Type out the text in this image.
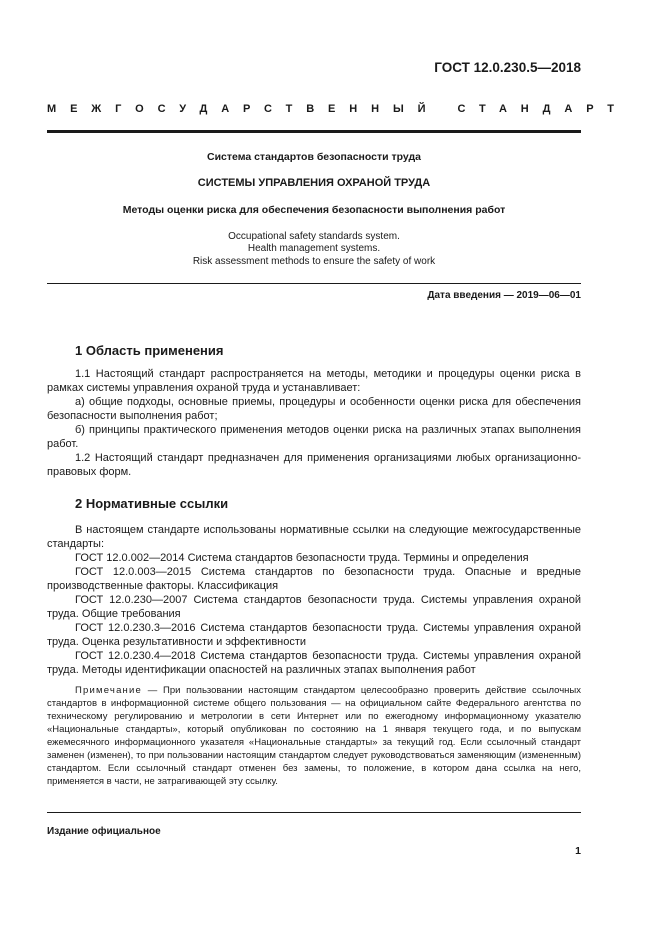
ГОСТ 12.0.230.5—2018
МЕЖГОСУДАРСТВЕННЫЙ СТАНДАРТ
Система стандартов безопасности труда
СИСТЕМЫ УПРАВЛЕНИЯ ОХРАНОЙ ТРУДА
Методы оценки риска для обеспечения безопасности выполнения работ
Occupational safety standards system.
Health management systems.
Risk assessment methods to ensure the safety of work
Дата введения — 2019—06—01
1 Область применения

1.1 Настоящий стандарт распространяется на методы, методики и процедуры оценки риска в рамках системы управления охраной труда и устанавливает:

а) общие подходы, основные приемы, процедуры и особенности оценки риска для обеспечения безопасности выполнения работ;

б) принципы практического применения методов оценки риска на различных этапах выполнения работ.

1.2 Настоящий стандарт предназначен для применения организациями любых организационно-правовых форм.

2 Нормативные ссылки

В настоящем стандарте использованы нормативные ссылки на следующие межгосударственные стандарты:

ГОСТ 12.0.002—2014 Система стандартов безопасности труда. Термины и определения

ГОСТ 12.0.003—2015 Система стандартов по безопасности труда. Опасные и вредные производственные факторы. Классификация

ГОСТ 12.0.230—2007 Система стандартов безопасности труда. Системы управления охраной труда. Общие требования

ГОСТ 12.0.230.3—2016 Система стандартов безопасности труда. Системы управления охраной труда. Оценка результативности и эффективности

ГОСТ 12.0.230.4—2018 Система стандартов безопасности труда. Системы управления охраной труда. Методы идентификации опасностей на различных этапах выполнения работ

Примечание — При пользовании настоящим стандартом целесообразно проверить действие ссылочных стандартов в информационной системе общего пользования — на официальном сайте Федерального агентства по техническому регулированию и метрологии в сети Интернет или по ежегодному информационному указателю «Национальные стандарты», который опубликован по состоянию на 1 января текущего года, и по выпускам ежемесячного информационного указателя «Национальные стандарты» за текущий год. Если ссылочный стандарт заменен (изменен), то при пользовании настоящим стандартом следует руководствоваться заменяющим (измененным) стандартом. Если ссылочный стандарт отменен без замены, то положение, в котором дана ссылка на него, применяется в части, не затрагивающей эту ссылку.
Издание официальное
1
